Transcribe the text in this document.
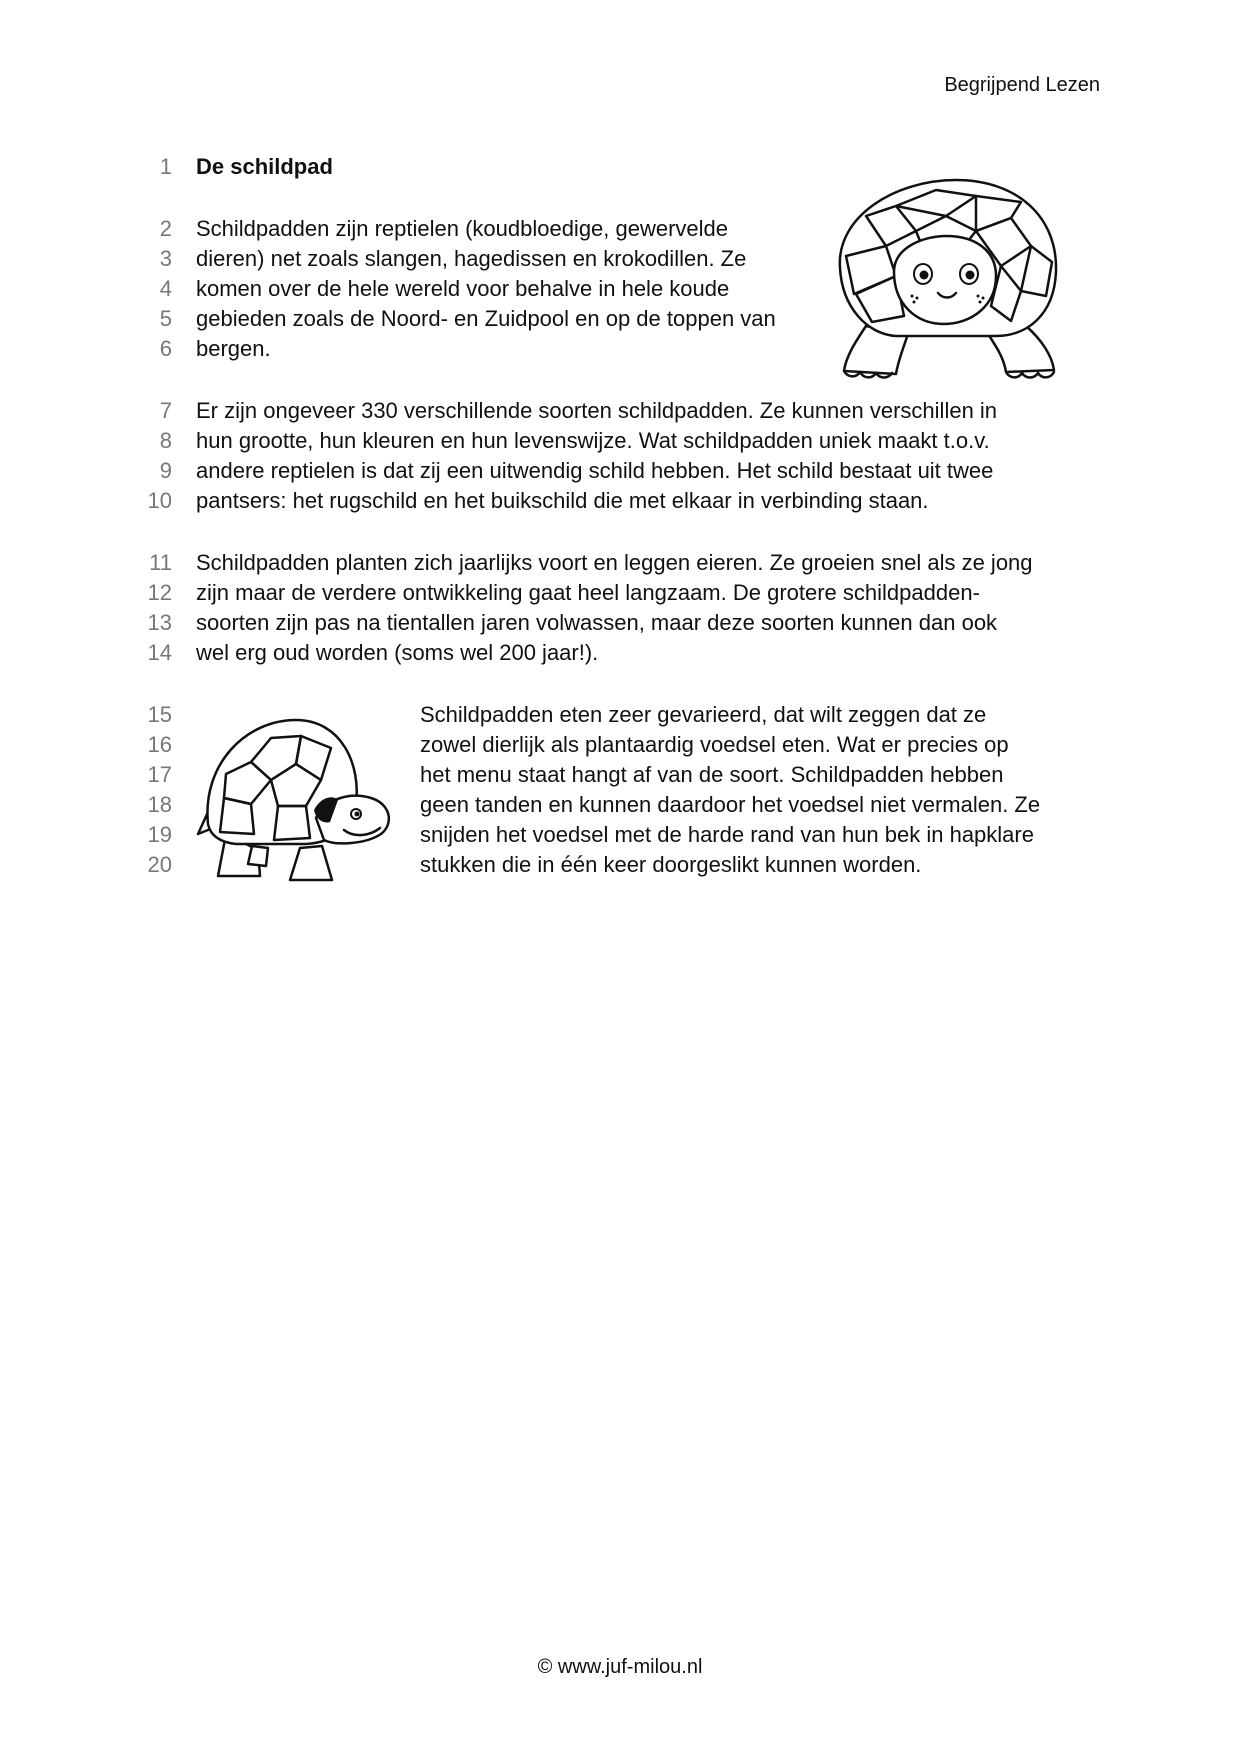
Begrijpend Lezen
1 De schildpad
2 Schildpadden zijn reptielen (koudbloedige, gewervelde
3 dieren) net zoals slangen, hagedissen en krokodillen. Ze
4 komen over de hele wereld voor behalve in hele koude
5 gebieden zoals de Noord- en Zuidpool en op de toppen van
6 bergen.
7 Er zijn ongeveer 330 verschillende soorten schildpadden. Ze kunnen verschillen in
8 hun grootte, hun kleuren en hun levenswijze. Wat schildpadden uniek maakt t.o.v.
9 andere reptielen is dat zij een uitwendig schild hebben. Het schild bestaat uit twee
10 pantsers: het rugschild en het buikschild die met elkaar in verbinding staan.
11 Schildpadden planten zich jaarlijks voort en leggen eieren. Ze groeien snel als ze jong
12 zijn maar de verdere ontwikkeling gaat heel langzaam. De grotere schildpadden-
13 soorten zijn pas na tientallen jaren volwassen, maar deze soorten kunnen dan ook
14 wel erg oud worden (soms wel 200 jaar!).
15	Schildpadden eten zeer gevarieerd, dat wilt zeggen dat ze
16	zowel dierlijk als plantaardig voedsel eten. Wat er precies op
17	het menu staat hangt af van de soort. Schildpadden hebben
18	geen tanden en kunnen daardoor het voedsel niet vermalen. Ze
19	snijden het voedsel met de harde rand van hun bek in hapklare
20	stukken die in één keer doorgeslikt kunnen worden.
© www.juf-milou.nl
